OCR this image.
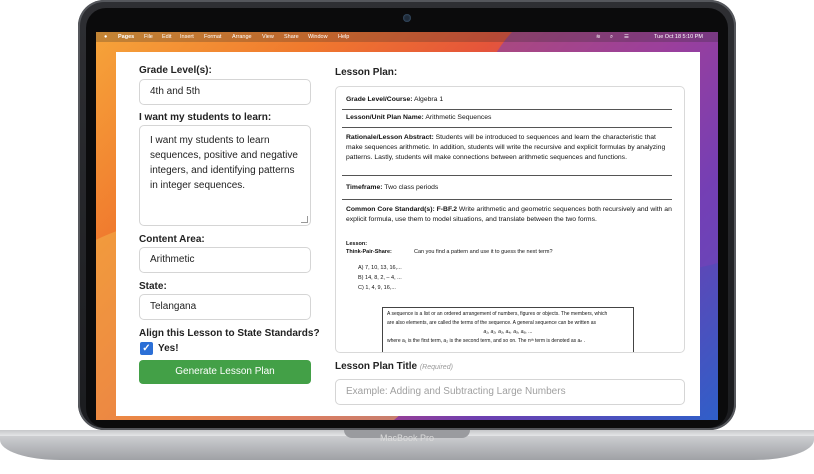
● Pages File Edit Insert Format Arrange View Share Window Help	≋ ⌕ ☰	Tue Oct 18 5:10 PM
Grade Level(s):
4th and 5th
I want my students to learn:
I want my students to learn sequences, positive and negative integers, and identifying patterns in integer sequences.
Content Area:
Arithmetic
State:
Telangana
Align this Lesson to State Standards?
✓ Yes!
Generate Lesson Plan
Lesson Plan:
Grade Level/Course: Algebra 1
Lesson/Unit Plan Name: Arithmetic Sequences
Rationale/Lesson Abstract: Students will be introduced to sequences and learn the characteristic that make sequences arithmetic. In addition, students will write the recursive and explicit formulas by analyzing patterns. Lastly, students will make connections between arithmetic sequences and functions.
Timeframe: Two class periods
Common Core Standard(s): F-BF.2 Write arithmetic and geometric sequences both recursively and with an explicit formula, use them to model situations, and translate between the two forms.
Lesson:
Think-Pair-Share:	Can you find a pattern and use it to guess the next term?
A) 7, 10, 13, 16,...
B) 14, 8, 2, – 4, ...
C) 1, 4, 9, 16,...
A sequence is a list or an ordered arrangement of numbers, figures or objects. The members, which
are also elements, are called the terms of the sequence. A general sequence can be written as
a₁, a₂, a₃, a₄, a₅, a₆, ...
where a₁ is the first term, a₂ is the second term, and so on. The nᵗʰ term is denoted as aₙ .
Lesson Plan Title (Required)
Example: Adding and Subtracting Large Numbers
MacBook Pro
